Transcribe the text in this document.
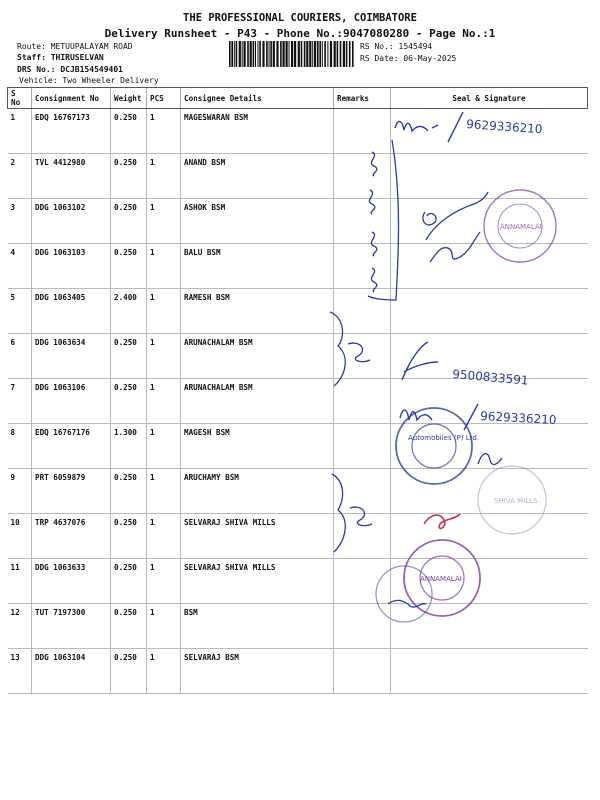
THE PROFESSIONAL COURIERS, COIMBATORE
Delivery Runsheet - P43 - Phone No.:9047080280 - Page No.:1
Route: METUUPALAYAM ROAD
Staff: THIRUSELVAN
DRS No.: DCJB154549401
Vehicle: Two Wheeler Delivery
RS No.: 1545494
RS Date: 06-May-2025
S No	Consignment No	Weight	PCS	Consignee Details	Remarks	Seal & Signature
1	EDQ 16767173	0.250	1	MAGESWARAN BSM		
2	TVL 4412980	0.250	1	ANAND BSM		
3	DDG 1063102	0.250	1	ASHOK BSM		
4	DDG 1063103	0.250	1	BALU BSM		
5	DDG 1063405	2.400	1	RAMESH BSM		
6	DDG 1063634	0.250	1	ARUNACHALAM BSM		
7	DDG 1063106	0.250	1	ARUNACHALAM BSM		
8	EDQ 16767176	1.300	1	MAGESH BSM		
9	PRT 6059879	0.250	1	ARUCHAMY BSM		
10	TRP 4637076	0.250	1	SELVARAJ SHIVA MILLS		
11	DDG 1063633	0.250	1	SELVARAJ SHIVA MILLS		
12	TUT 7197300	0.250	1	BSM		
13	DDG 1063104	0.250	1	SELVARAJ BSM		
9629336210
ANNAMALAI
9500833591
9629336210
Automobiles (P) Ltd.
SHIVA MILLS
ANNAMALAI
